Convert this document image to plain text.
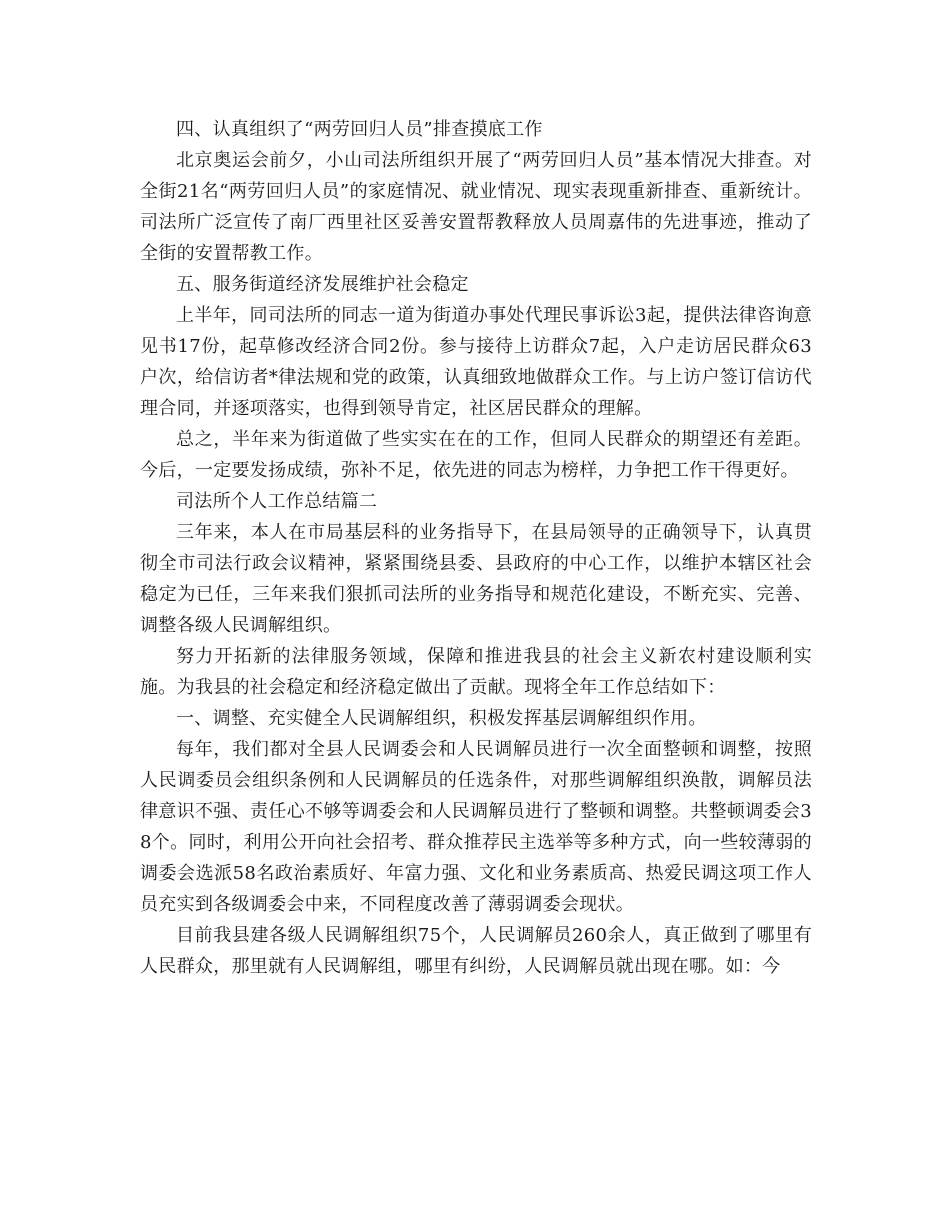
四、认真组织了“两劳回归人员”排查摸底工作

北京奥运会前夕，小山司法所组织开展了“两劳回归人员”基本情况大排查。对全街21名“两劳回归人员”的家庭情况、就业情况、现实表现重新排查、重新统计。司法所广泛宣传了南厂西里社区妥善安置帮教释放人员周嘉伟的先进事迹，推动了全街的安置帮教工作。

五、服务街道经济发展维护社会稳定

上半年，同司法所的同志一道为街道办事处代理民事诉讼3起，提供法律咨询意见书17份，起草修改经济合同2份。参与接待上访群众7起，入户走访居民群众63户次，给信访者*律法规和党的政策，认真细致地做群众工作。与上访户签订信访代理合同，并逐项落实，也得到领导肯定，社区居民群众的理解。

总之，半年来为街道做了些实实在在的工作，但同人民群众的期望还有差距。今后，一定要发扬成绩，弥补不足，依先进的同志为榜样，力争把工作干得更好。

司法所个人工作总结篇二

三年来，本人在市局基层科的业务指导下，在县局领导的正确领导下，认真贯彻全市司法行政会议精神，紧紧围绕县委、县政府的中心工作，以维护本辖区社会稳定为已任，三年来我们狠抓司法所的业务指导和规范化建设，不断充实、完善、调整各级人民调解组织。

努力开拓新的法律服务领域，保障和推进我县的社会主义新农村建设顺利实施。为我县的社会稳定和经济稳定做出了贡献。现将全年工作总结如下：

一、调整、充实健全人民调解组织，积极发挥基层调解组织作用。

每年，我们都对全县人民调委会和人民调解员进行一次全面整顿和调整，按照人民调委员会组织条例和人民调解员的任选条件，对那些调解组织涣散，调解员法律意识不强、责任心不够等调委会和人民调解员进行了整顿和调整。共整顿调委会38个。同时，利用公开向社会招考、群众推荐民主选举等多种方式，向一些较薄弱的调委会选派58名政治素质好、年富力强、文化和业务素质高、热爱民调这项工作人员充实到各级调委会中来，不同程度改善了薄弱调委会现状。

目前我县建各级人民调解组织75个，人民调解员260余人，真正做到了哪里有人民群众，那里就有人民调解组，哪里有纠纷，人民调解员就出现在哪。如：今
